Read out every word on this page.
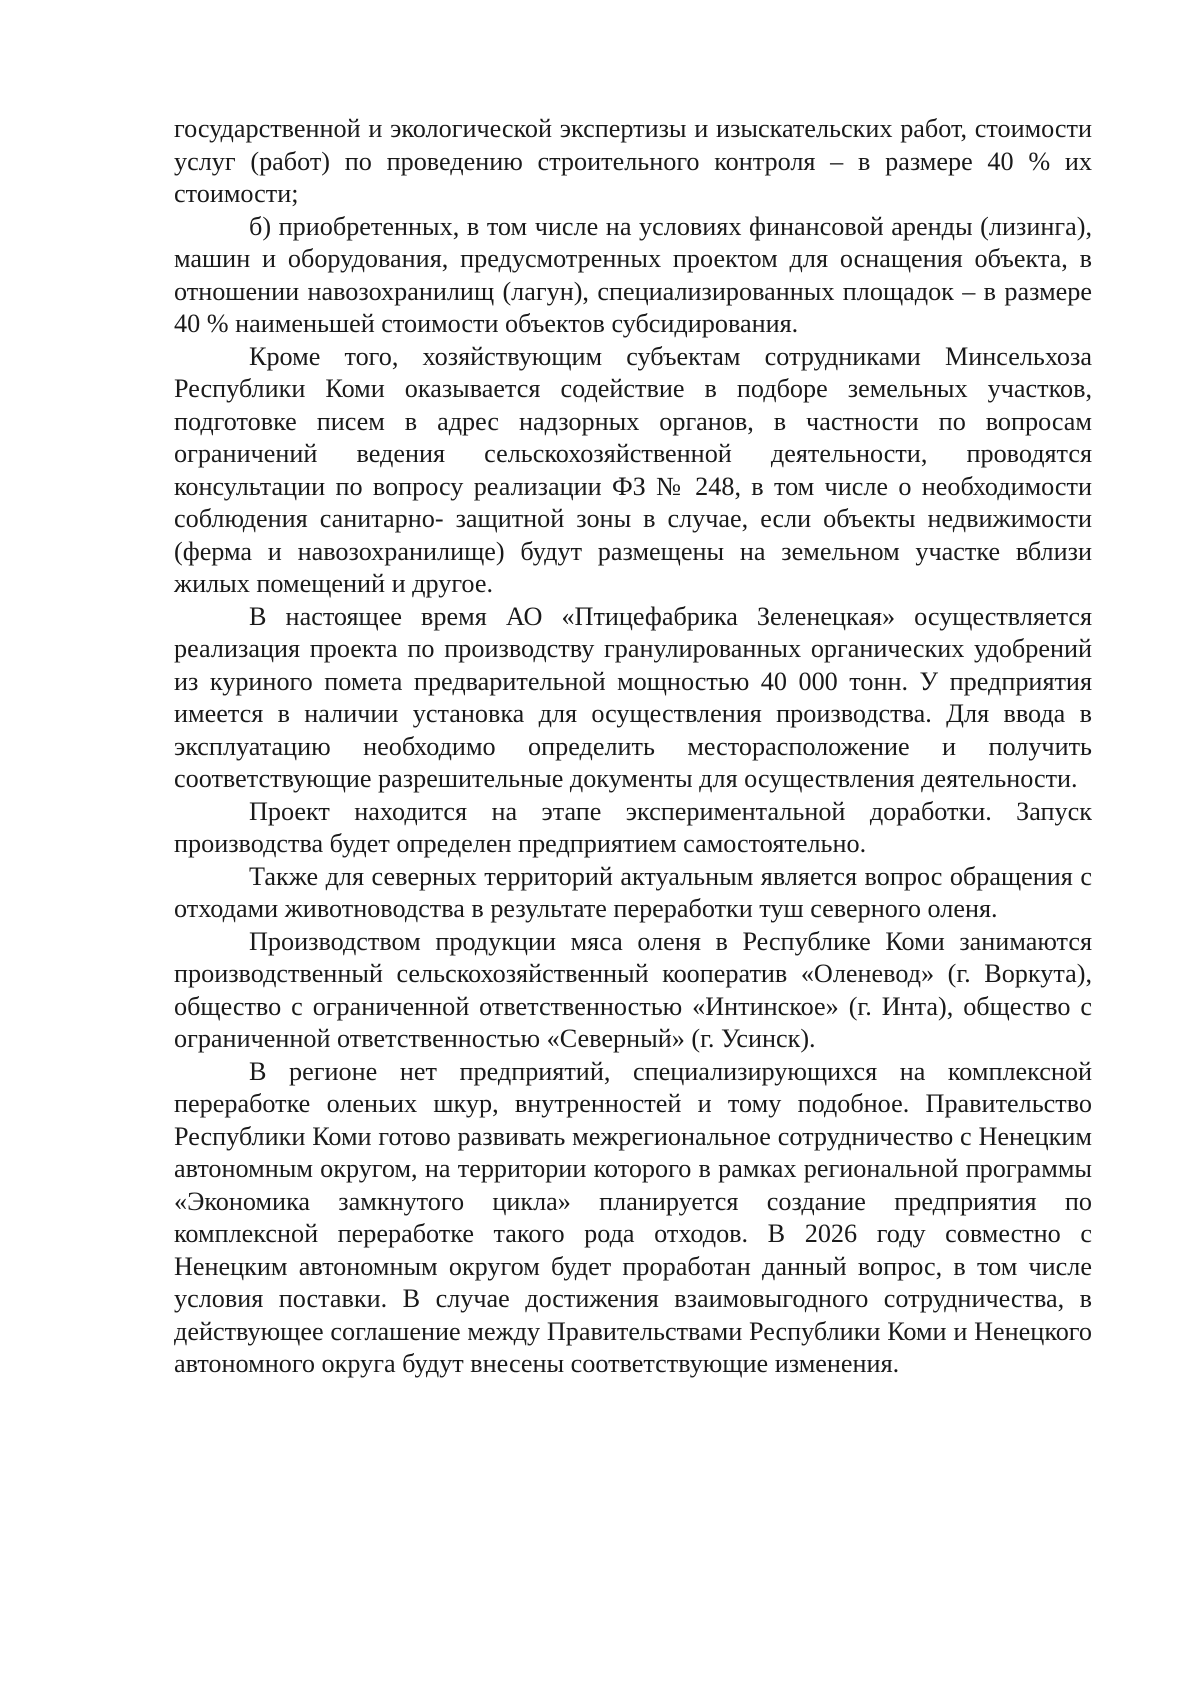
государственной и экологической экспертизы и изыскательских работ, стоимости услуг (работ) по проведению строительного контроля – в размере 40 % их стоимости;

б) приобретенных, в том числе на условиях финансовой аренды (лизинга), машин и оборудования, предусмотренных проектом для оснащения объекта, в отношении навозохранилищ (лагун), специализированных площадок – в размере 40 % наименьшей стоимости объектов субсидирования.

Кроме того, хозяйствующим субъектам сотрудниками Минсельхоза Республики Коми оказывается содействие в подборе земельных участков, подготовке писем в адрес надзорных органов, в частности по вопросам ограничений ведения сельскохозяйственной деятельности, проводятся консультации по вопросу реализации ФЗ № 248, в том числе о необходимости соблюдения санитарно- защитной зоны в случае, если объекты недвижимости (ферма и навозохранилище) будут размещены на земельном участке вблизи жилых помещений и другое.

В настоящее время АО «Птицефабрика Зеленецкая» осуществляется реализация проекта по производству гранулированных органических удобрений из куриного помета предварительной мощностью 40 000 тонн. У предприятия имеется в наличии установка для осуществления производства. Для ввода в эксплуатацию необходимо определить месторасположение и получить соответствующие разрешительные документы для осуществления деятельности.

Проект находится на этапе экспериментальной доработки. Запуск производства будет определен предприятием самостоятельно.

Также для северных территорий актуальным является вопрос обращения с отходами животноводства в результате переработки туш северного оленя.

Производством продукции мяса оленя в Республике Коми занимаются производственный сельскохозяйственный кооператив «Оленевод» (г. Воркута), общество с ограниченной ответственностью «Интинское» (г. Инта), общество с ограниченной ответственностью «Северный» (г. Усинск).

В регионе нет предприятий, специализирующихся на комплексной переработке оленьих шкур, внутренностей и тому подобное. Правительство Республики Коми готово развивать межрегиональное сотрудничество с Ненецким автономным округом, на территории которого в рамках региональной программы «Экономика замкнутого цикла» планируется создание предприятия по комплексной переработке такого рода отходов. В 2026 году совместно с Ненецким автономным округом будет проработан данный вопрос, в том числе условия поставки. В случае достижения взаимовыгодного сотрудничества, в действующее соглашение между Правительствами Республики Коми и Ненецкого автономного округа будут внесены соответствующие изменения.
